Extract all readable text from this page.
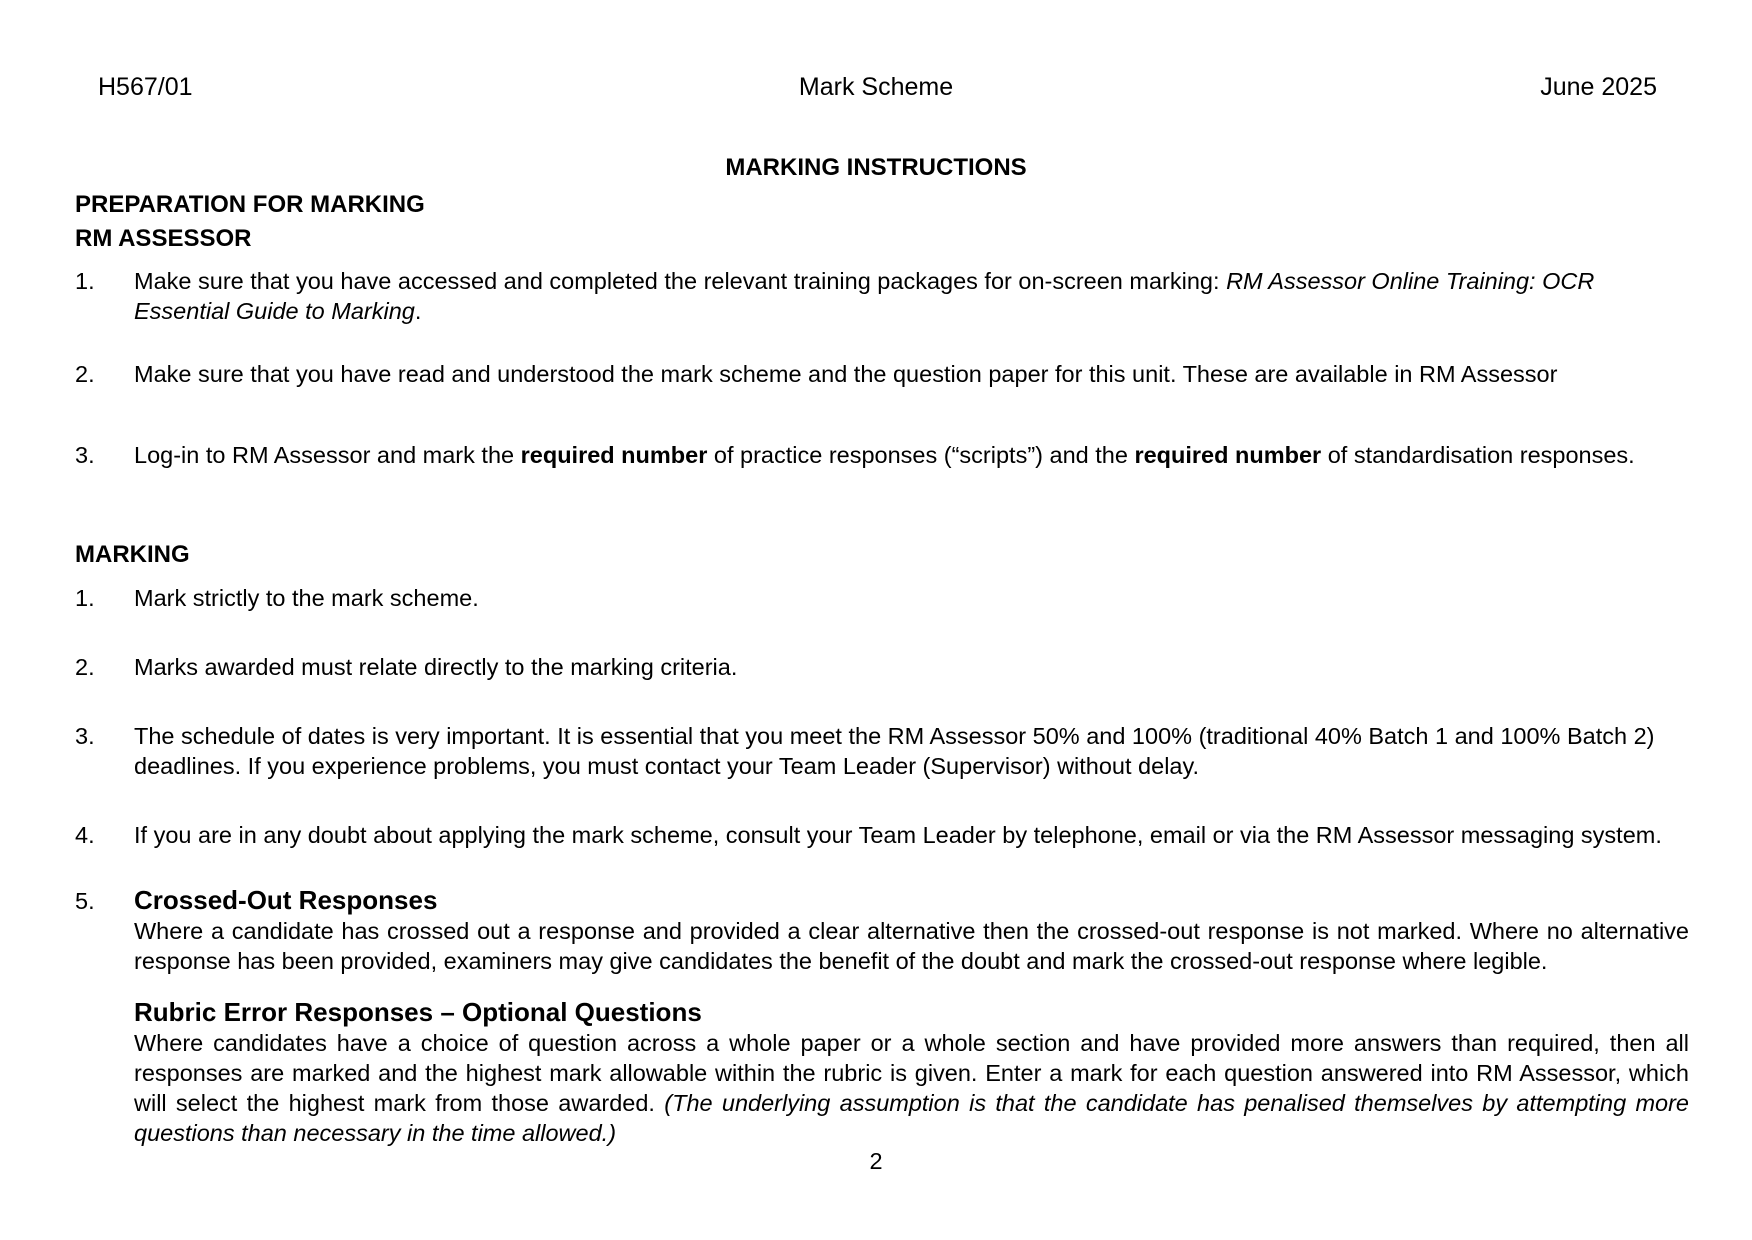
H567/01	Mark Scheme	June 2025
MARKING INSTRUCTIONS
PREPARATION FOR MARKING
RM ASSESSOR
1. Make sure that you have accessed and completed the relevant training packages for on-screen marking: RM Assessor Online Training: OCR Essential Guide to Marking.
2. Make sure that you have read and understood the mark scheme and the question paper for this unit. These are available in RM Assessor
3. Log-in to RM Assessor and mark the required number of practice responses (“scripts”) and the required number of standardisation responses.
MARKING
1. Mark strictly to the mark scheme.
2. Marks awarded must relate directly to the marking criteria.
3. The schedule of dates is very important. It is essential that you meet the RM Assessor 50% and 100% (traditional 40% Batch 1 and 100% Batch 2) deadlines. If you experience problems, you must contact your Team Leader (Supervisor) without delay.
4. If you are in any doubt about applying the mark scheme, consult your Team Leader by telephone, email or via the RM Assessor messaging system.
5. Crossed-Out Responses
Where a candidate has crossed out a response and provided a clear alternative then the crossed-out response is not marked. Where no alternative response has been provided, examiners may give candidates the benefit of the doubt and mark the crossed-out response where legible.
Rubric Error Responses – Optional Questions
Where candidates have a choice of question across a whole paper or a whole section and have provided more answers than required, then all responses are marked and the highest mark allowable within the rubric is given. Enter a mark for each question answered into RM Assessor, which will select the highest mark from those awarded. (The underlying assumption is that the candidate has penalised themselves by attempting more questions than necessary in the time allowed.)
2
